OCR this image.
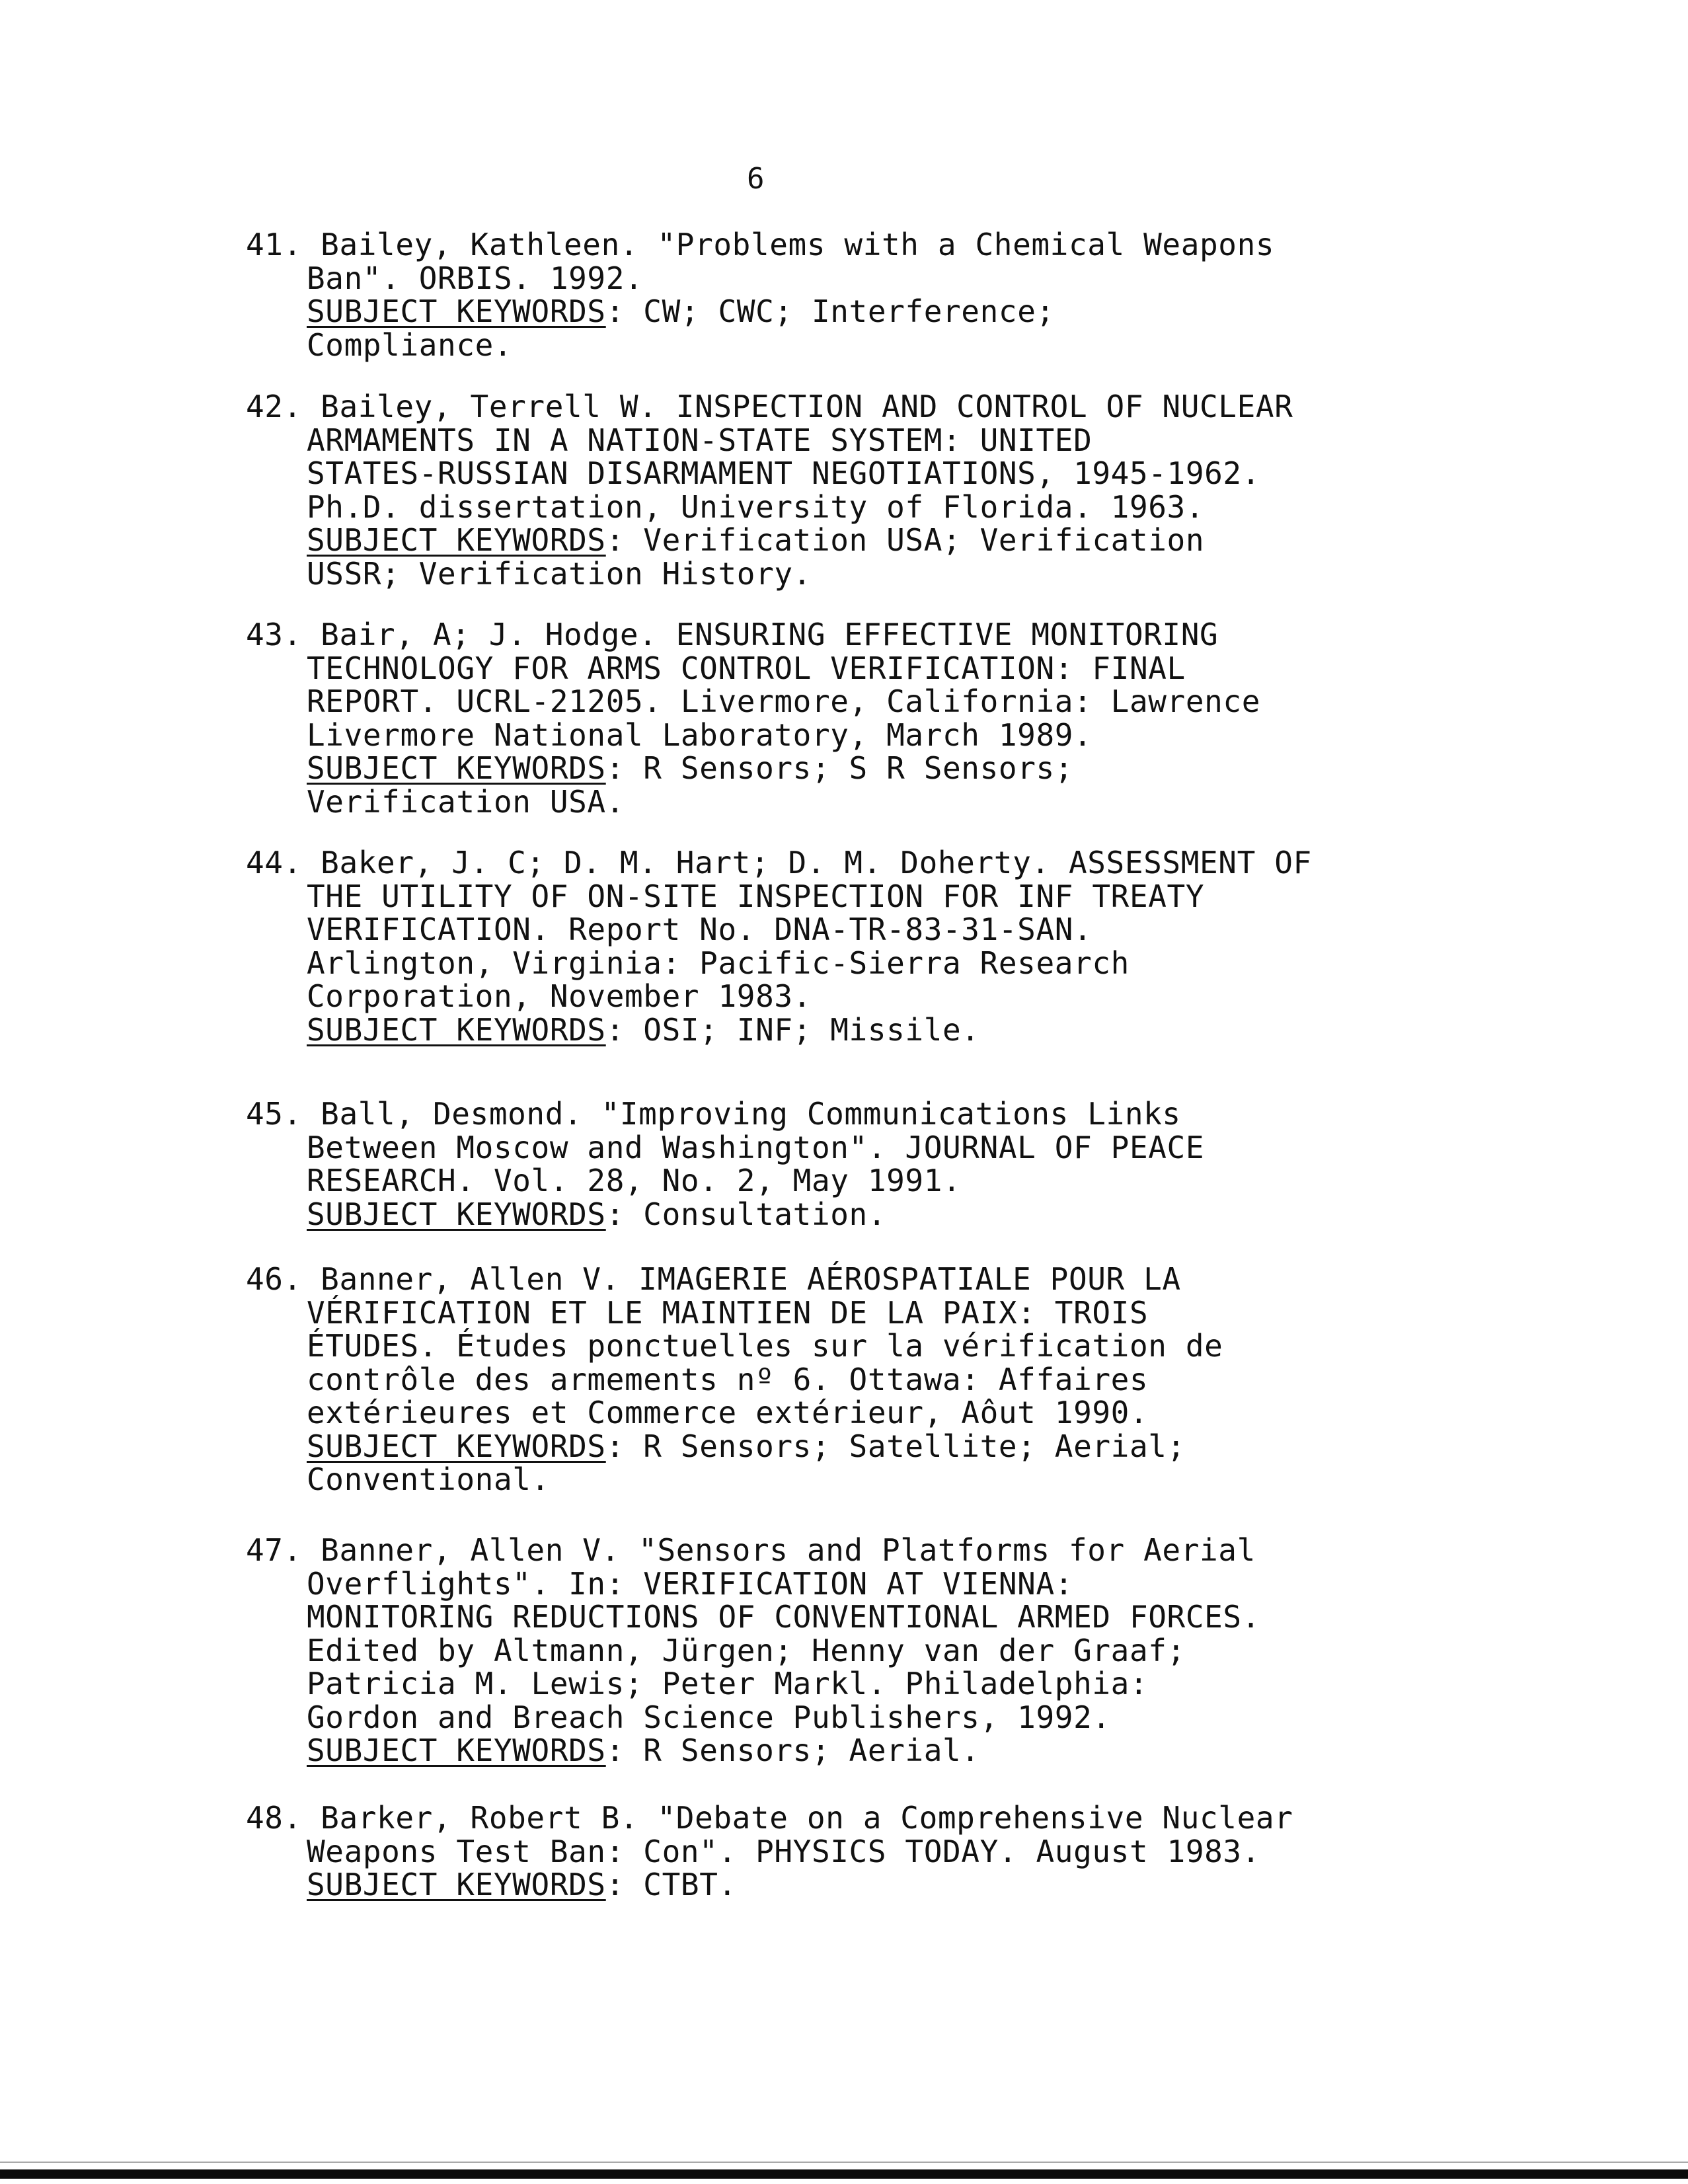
6
41. Bailey, Kathleen. "Problems with a Chemical Weapons
Ban". ORBIS. 1992.
SUBJECT KEYWORDS: CW; CWC; Interference;
Compliance.
42. Bailey, Terrell W. INSPECTION AND CONTROL OF NUCLEAR
ARMAMENTS IN A NATION-STATE SYSTEM: UNITED
STATES-RUSSIAN DISARMAMENT NEGOTIATIONS, 1945-1962.
Ph.D. dissertation, University of Florida. 1963.
SUBJECT KEYWORDS: Verification USA; Verification
USSR; Verification History.
43. Bair, A; J. Hodge. ENSURING EFFECTIVE MONITORING
TECHNOLOGY FOR ARMS CONTROL VERIFICATION: FINAL
REPORT. UCRL-21205. Livermore, California: Lawrence
Livermore National Laboratory, March 1989.
SUBJECT KEYWORDS: R Sensors; S R Sensors;
Verification USA.
44. Baker, J. C; D. M. Hart; D. M. Doherty. ASSESSMENT OF
THE UTILITY OF ON-SITE INSPECTION FOR INF TREATY
VERIFICATION. Report No. DNA-TR-83-31-SAN.
Arlington, Virginia: Pacific-Sierra Research
Corporation, November 1983.
SUBJECT KEYWORDS: OSI; INF; Missile.
45. Ball, Desmond. "Improving Communications Links
Between Moscow and Washington". JOURNAL OF PEACE
RESEARCH. Vol. 28, No. 2, May 1991.
SUBJECT KEYWORDS: Consultation.
46. Banner, Allen V. IMAGERIE AÉROSPATIALE POUR LA
VÉRIFICATION ET LE MAINTIEN DE LA PAIX: TROIS
ÉTUDES. Études ponctuelles sur la vérification de
contrôle des armements nº 6. Ottawa: Affaires
extérieures et Commerce extérieur, Aôut 1990.
SUBJECT KEYWORDS: R Sensors; Satellite; Aerial;
Conventional.
47. Banner, Allen V. "Sensors and Platforms for Aerial
Overflights". In: VERIFICATION AT VIENNA:
MONITORING REDUCTIONS OF CONVENTIONAL ARMED FORCES.
Edited by Altmann, Jürgen; Henny van der Graaf;
Patricia M. Lewis; Peter Markl. Philadelphia:
Gordon and Breach Science Publishers, 1992.
SUBJECT KEYWORDS: R Sensors; Aerial.
48. Barker, Robert B. "Debate on a Comprehensive Nuclear
Weapons Test Ban: Con". PHYSICS TODAY. August 1983.
SUBJECT KEYWORDS: CTBT.
